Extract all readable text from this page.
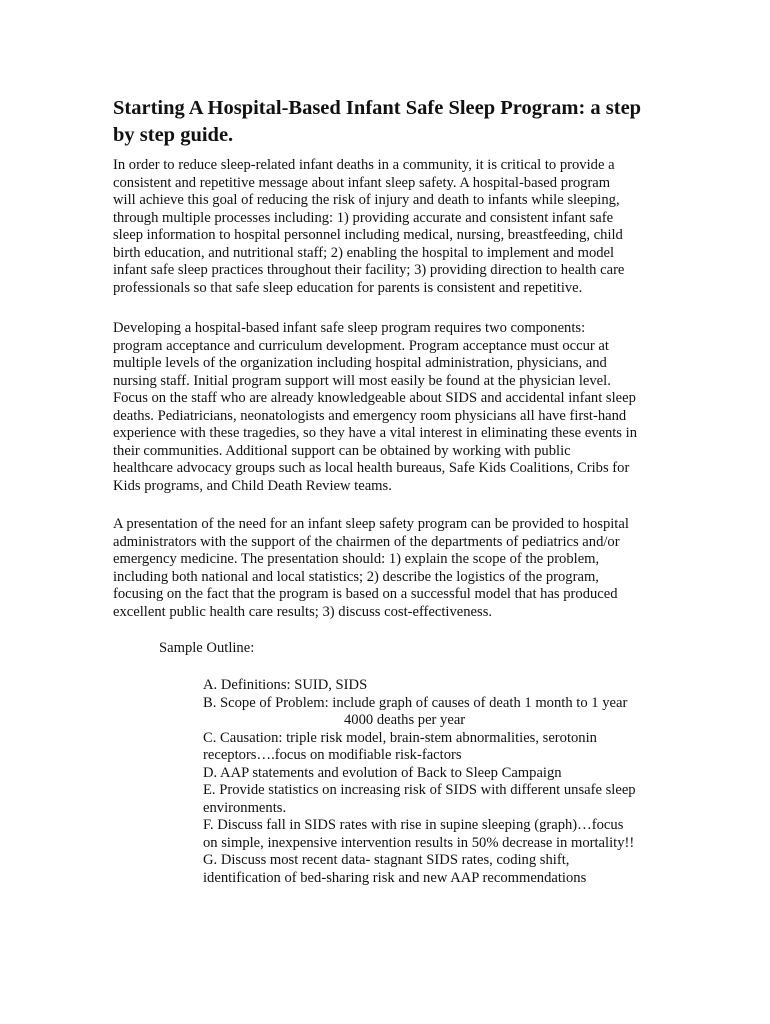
Starting A Hospital-Based Infant Safe Sleep Program: a step
by step guide.
In order to reduce sleep-related infant deaths in a community, it is critical to provide a
consistent and repetitive message about infant sleep safety. A hospital-based program
will achieve this goal of reducing the risk of injury and death to infants while sleeping,
through multiple processes including: 1) providing accurate and consistent infant safe
sleep information to hospital personnel including medical, nursing, breastfeeding, child
birth education, and nutritional staff; 2) enabling the hospital to implement and model
infant safe sleep practices throughout their facility; 3) providing direction to health care
professionals so that safe sleep education for parents is consistent and repetitive.
Developing a hospital-based infant safe sleep program requires two components:
program acceptance and curriculum development. Program acceptance must occur at
multiple levels of the organization including hospital administration, physicians, and
nursing staff. Initial program support will most easily be found at the physician level.
Focus on the staff who are already knowledgeable about SIDS and accidental infant sleep
deaths. Pediatricians, neonatologists and emergency room physicians all have first-hand
experience with these tragedies, so they have a vital interest in eliminating these events in
their communities. Additional support can be obtained by working with public
healthcare advocacy groups such as local health bureaus, Safe Kids Coalitions, Cribs for
Kids programs, and Child Death Review teams.
A presentation of the need for an infant sleep safety program can be provided to hospital
administrators with the support of the chairmen of the departments of pediatrics and/or
emergency medicine. The presentation should: 1) explain the scope of the problem,
including both national and local statistics; 2) describe the logistics of the program,
focusing on the fact that the program is based on a successful model that has produced
excellent public health care results; 3) discuss cost-effectiveness.

Sample Outline:

A. Definitions: SUID, SIDS
B. Scope of Problem: include graph of causes of death 1 month to 1 year
4000 deaths per year
C. Causation: triple risk model, brain-stem abnormalities, serotonin
receptors….focus on modifiable risk-factors
D. AAP statements and evolution of Back to Sleep Campaign
E. Provide statistics on increasing risk of SIDS with different unsafe sleep
environments.
F. Discuss fall in SIDS rates with rise in supine sleeping (graph)…focus
on simple, inexpensive intervention results in 50% decrease in mortality!!
G. Discuss most recent data- stagnant SIDS rates, coding shift,
identification of bed-sharing risk and new AAP recommendations
